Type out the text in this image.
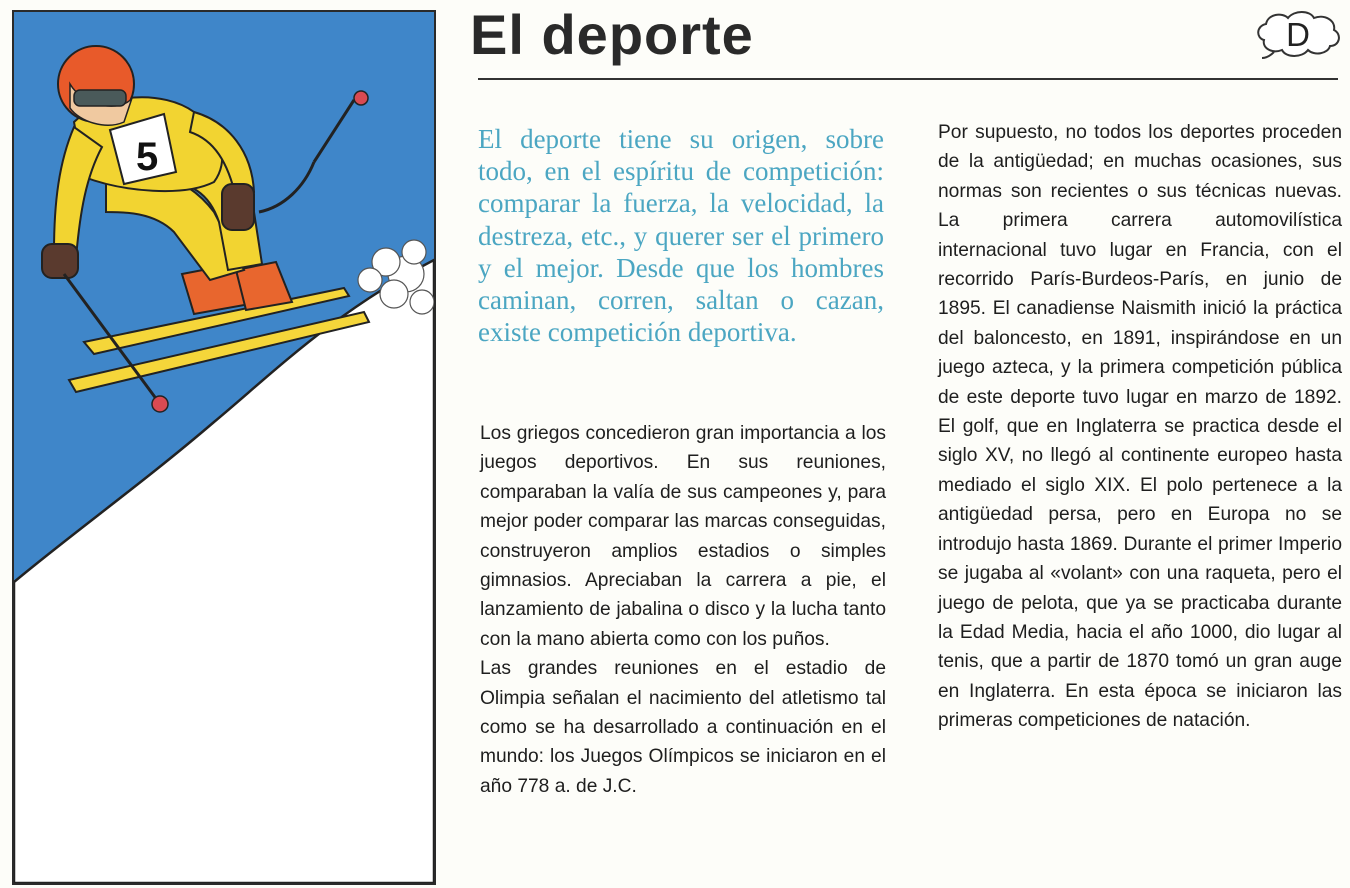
5
El deporte	D

El deporte tiene su origen, sobre todo, en el espíritu de competición: comparar la fuerza, la velocidad, la destreza, etc., y querer ser el primero y el mejor. Desde que los hombres caminan, corren, saltan o cazan, existe competición deportiva.

Los griegos concedieron gran importancia a los juegos deportivos. En sus reuniones, comparaban la valía de sus campeones y, para mejor poder comparar las marcas conseguidas, construyeron amplios estadios o simples gimnasios. Apreciaban la carrera a pie, el lanzamiento de jabalina o disco y la lucha tanto con la mano abierta como con los puños.

Las grandes reuniones en el estadio de Olimpia señalan el nacimiento del atletismo tal como se ha desarrollado a continuación en el mundo: los Juegos Olímpicos se iniciaron en el año 778 a. de J.C.

Por supuesto, no todos los deportes proceden de la antigüedad; en muchas ocasiones, sus normas son recientes o sus técnicas nuevas. La primera carrera automovilística internacional tuvo lugar en Francia, con el recorrido París-Burdeos-París, en junio de 1895. El canadiense Naismith inició la práctica del baloncesto, en 1891, inspirándose en un juego azteca, y la primera competición pública de este deporte tuvo lugar en marzo de 1892. El golf, que en Inglaterra se practica desde el siglo XV, no llegó al continente europeo hasta mediado el siglo XIX. El polo pertenece a la antigüedad persa, pero en Europa no se introdujo hasta 1869. Durante el primer Imperio se jugaba al «volant» con una raqueta, pero el juego de pelota, que ya se practicaba durante la Edad Media, hacia el año 1000, dio lugar al tenis, que a partir de 1870 tomó un gran auge en Inglaterra. En esta época se iniciaron las primeras competiciones de natación.
